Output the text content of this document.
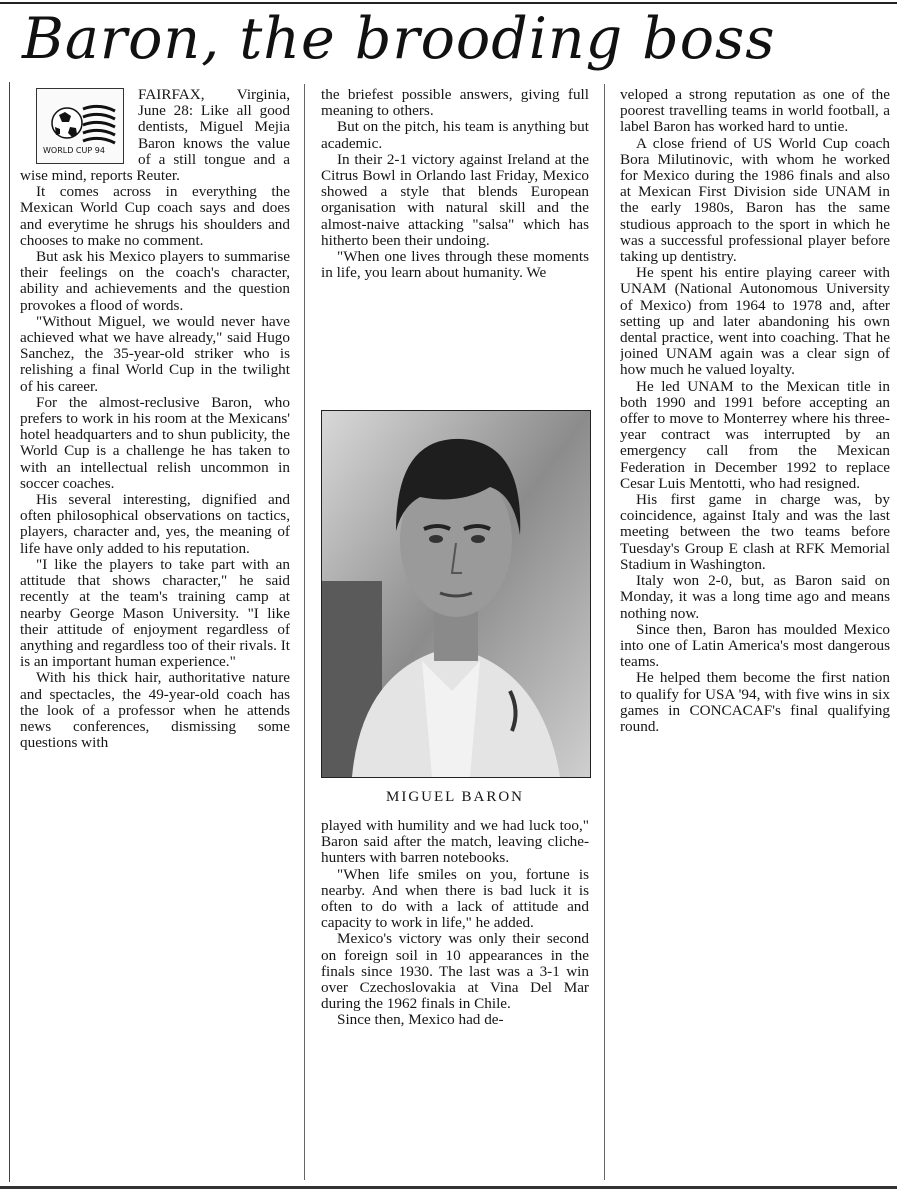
Baron, the brooding boss
WORLD CUP 94

FAIRFAX, Virginia, June 28: Like all good dentists, Miguel Mejia Baron knows the value of a still tongue and a wise mind, reports Reuter.

It comes across in everything the Mexican World Cup coach says and does and everytime he shrugs his shoulders and chooses to make no comment.

But ask his Mexico players to summarise their feelings on the coach's character, ability and achievements and the question provokes a flood of words.

"Without Miguel, we would never have achieved what we have already," said Hugo Sanchez, the 35-year-old striker who is relishing a final World Cup in the twilight of his career.

For the almost-reclusive Baron, who prefers to work in his room at the Mexicans' hotel headquarters and to shun publicity, the World Cup is a challenge he has taken to with an intellectual relish uncommon in soccer coaches.

His several interesting, dignified and often philosophical observations on tactics, players, character and, yes, the meaning of life have only added to his reputation.

"I like the players to take part with an attitude that shows character," he said recently at the team's training camp at nearby George Mason University. "I like their attitude of enjoyment regardless of anything and regardless too of their rivals. It is an important human experience."

With his thick hair, authoritative nature and spectacles, the 49-year-old coach has the look of a professor when he attends news conferences, dismissing some questions with

the briefest possible answers, giving full meaning to others.

But on the pitch, his team is anything but academic.

In their 2-1 victory against Ireland at the Citrus Bowl in Orlando last Friday, Mexico showed a style that blends European organisation with natural skill and the almost-naive attacking "salsa" which has hitherto been their undoing.

"When one lives through these moments in life, you learn about humanity. We

MIGUEL BARON

played with humility and we had luck too," Baron said after the match, leaving cliche-hunters with barren notebooks.

"When life smiles on you, fortune is nearby. And when there is bad luck it is often to do with a lack of attitude and capacity to work in life," he added.

Mexico's victory was only their second on foreign soil in 10 appearances in the finals since 1930. The last was a 3-1 win over Czechoslovakia at Vina Del Mar during the 1962 finals in Chile.

Since then, Mexico had de-

veloped a strong reputation as one of the poorest travelling teams in world football, a label Baron has worked hard to untie.

A close friend of US World Cup coach Bora Milutinovic, with whom he worked for Mexico during the 1986 finals and also at Mexican First Division side UNAM in the early 1980s, Baron has the same studious approach to the sport in which he was a successful professional player before taking up dentistry.

He spent his entire playing career with UNAM (National Autonomous University of Mexico) from 1964 to 1978 and, after setting up and later abandoning his own dental practice, went into coaching. That he joined UNAM again was a clear sign of how much he valued loyalty.

He led UNAM to the Mexican title in both 1990 and 1991 before accepting an offer to move to Monterrey where his three-year contract was interrupted by an emergency call from the Mexican Federation in December 1992 to replace Cesar Luis Mentotti, who had resigned.

His first game in charge was, by coincidence, against Italy and was the last meeting between the two teams before Tuesday's Group E clash at RFK Memorial Stadium in Washington.

Italy won 2-0, but, as Baron said on Monday, it was a long time ago and means nothing now.

Since then, Baron has moulded Mexico into one of Latin America's most dangerous teams.

He helped them become the first nation to qualify for USA '94, with five wins in six games in CONCACAF's final qualifying round.
